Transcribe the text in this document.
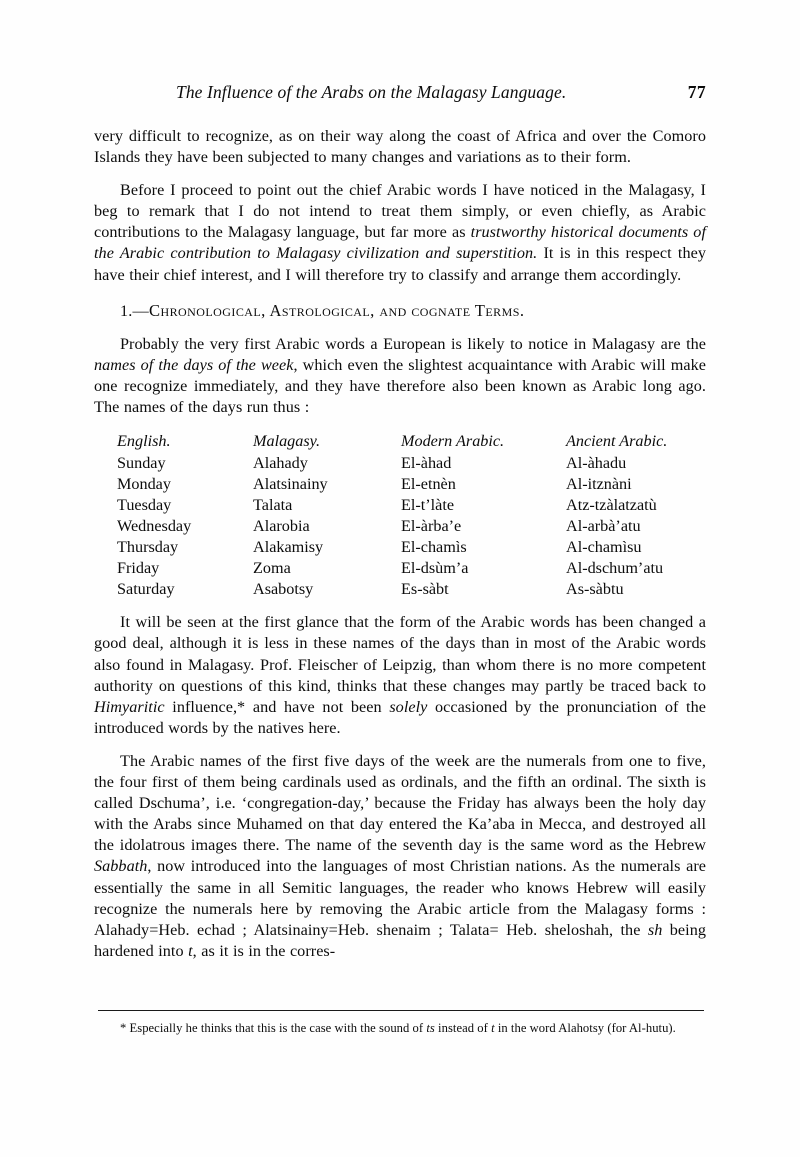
The Influence of the Arabs on the Malagasy Language.	77

very difficult to recognize, as on their way along the coast of Africa and over the Comoro Islands they have been subjected to many changes and variations as to their form.

Before I proceed to point out the chief Arabic words I have noticed in the Malagasy, I beg to remark that I do not intend to treat them simply, or even chiefly, as Arabic contributions to the Malagasy language, but far more as trustworthy historical documents of the Arabic contribution to Malagasy civilization and superstition. It is in this respect they have their chief interest, and I will therefore try to classify and arrange them accordingly.

1.—Chronological, Astrological, and cognate Terms.

Probably the very first Arabic words a European is likely to notice in Malagasy are the names of the days of the week, which even the slightest acquaintance with Arabic will make one recognize immediately, and they have therefore also been known as Arabic long ago. The names of the days run thus :

English.	Malagasy.	Modern Arabic.	Ancient Arabic.
Sunday	Alahady	El-àhad	Al-àhadu
Monday	Alatsinainy	El-etnèn	Al-itznàni
Tuesday	Talata	El-t’làte	Atz-tzàlatzatù
Wednesday	Alarobia	El-àrba’e	Al-arbà’atu
Thursday	Alakamisy	El-chamìs	Al-chamìsu
Friday	Zoma	El-dsùm’a	Al-dschum’atu
Saturday	Asabotsy	Es-sàbt	As-sàbtu

It will be seen at the first glance that the form of the Arabic words has been changed a good deal, although it is less in these names of the days than in most of the Arabic words also found in Malagasy. Prof. Fleischer of Leipzig, than whom there is no more competent authority on questions of this kind, thinks that these changes may partly be traced back to Himyaritic influence,* and have not been solely occasioned by the pronunciation of the introduced words by the natives here.

The Arabic names of the first five days of the week are the numerals from one to five, the four first of them being cardinals used as ordinals, and the fifth an ordinal. The sixth is called Dschuma’, i.e. ‘congregation-day,’ because the Friday has always been the holy day with the Arabs since Muhamed on that day entered the Ka’aba in Mecca, and destroyed all the idolatrous images there. The name of the seventh day is the same word as the Hebrew Sabbath, now introduced into the languages of most Christian nations. As the numerals are essentially the same in all Semitic languages, the reader who knows Hebrew will easily recognize the numerals here by removing the Arabic article from the Malagasy forms : Alahady=Heb. echad ; Alatsinainy=Heb. shenaim ; Talata= Heb. sheloshah, the sh being hardened into t, as it is in the corres-

* Especially he thinks that this is the case with the sound of ts instead of t in the word Alahotsy (for Al-hutu).
